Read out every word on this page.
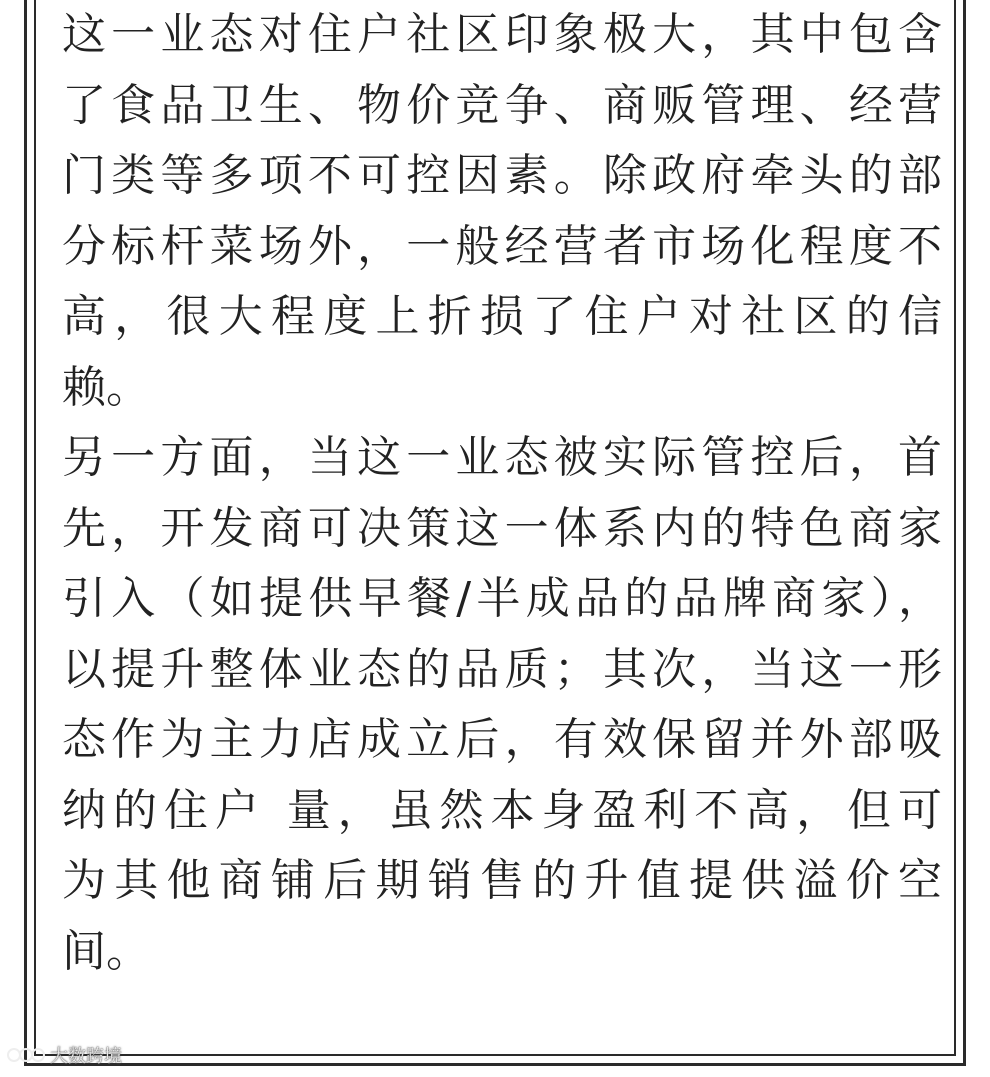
这一业态对住户社区印象极大，其中包含
了食品卫生、物价竞争、商贩管理、经营
门类等多项不可控因素。除政府牵头的部
分标杆菜场外，一般经营者市场化程度不
高，很大程度上折损了住户对社区的信
赖。
另一方面，当这一业态被实际管控后，首
先，开发商可决策这一体系内的特色商家
引入（如提供早餐/半成品的品牌商家），
以提升整体业态的品质；其次，当这一形
态作为主力店成立后，有效保留并外部吸
纳的住户 量，虽然本身盈利不高，但可
为其他商铺后期销售的升值提供溢价空
间。
大数跨境
